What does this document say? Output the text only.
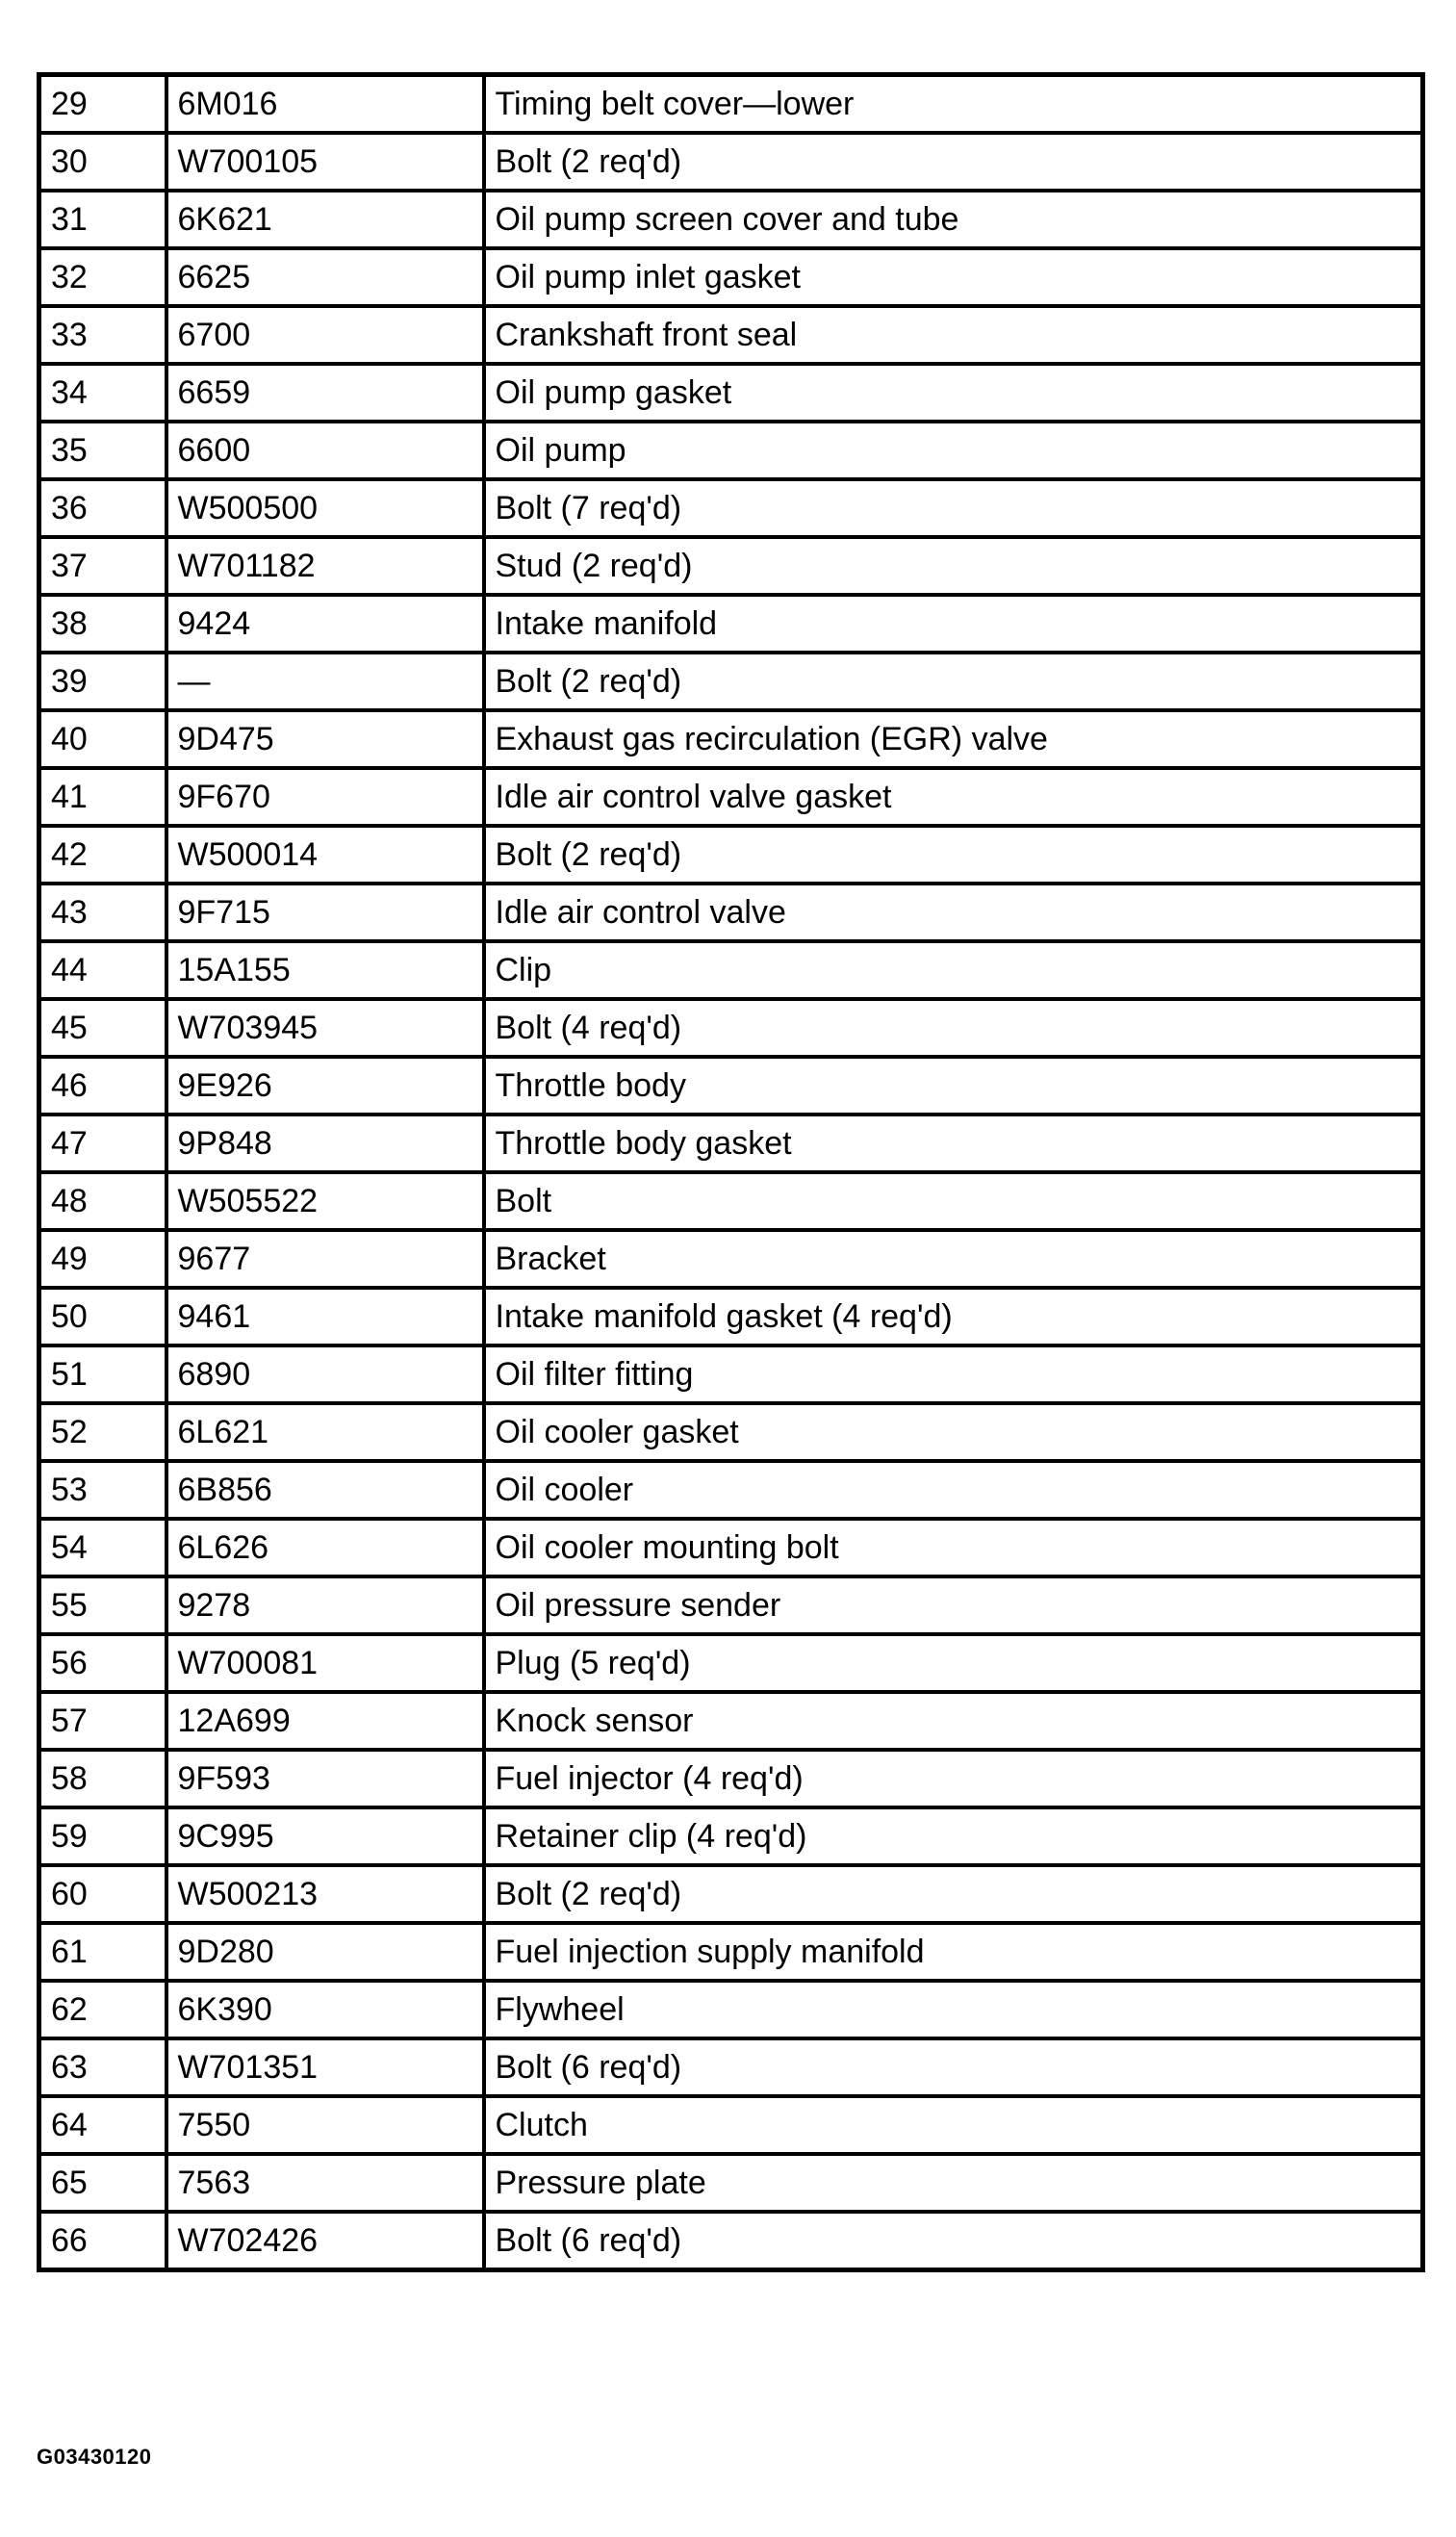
29	6M016	Timing belt cover—lower
30	W700105	Bolt (2 req'd)
31	6K621	Oil pump screen cover and tube
32	6625	Oil pump inlet gasket
33	6700	Crankshaft front seal
34	6659	Oil pump gasket
35	6600	Oil pump
36	W500500	Bolt (7 req'd)
37	W701182	Stud (2 req'd)
38	9424	Intake manifold
39	—	Bolt (2 req'd)
40	9D475	Exhaust gas recirculation (EGR) valve
41	9F670	Idle air control valve gasket
42	W500014	Bolt (2 req'd)
43	9F715	Idle air control valve
44	15A155	Clip
45	W703945	Bolt (4 req'd)
46	9E926	Throttle body
47	9P848	Throttle body gasket
48	W505522	Bolt
49	9677	Bracket
50	9461	Intake manifold gasket (4 req'd)
51	6890	Oil filter fitting
52	6L621	Oil cooler gasket
53	6B856	Oil cooler
54	6L626	Oil cooler mounting bolt
55	9278	Oil pressure sender
56	W700081	Plug (5 req'd)
57	12A699	Knock sensor
58	9F593	Fuel injector (4 req'd)
59	9C995	Retainer clip (4 req'd)
60	W500213	Bolt (2 req'd)
61	9D280	Fuel injection supply manifold
62	6K390	Flywheel
63	W701351	Bolt (6 req'd)
64	7550	Clutch
65	7563	Pressure plate
66	W702426	Bolt (6 req'd)
G03430120
